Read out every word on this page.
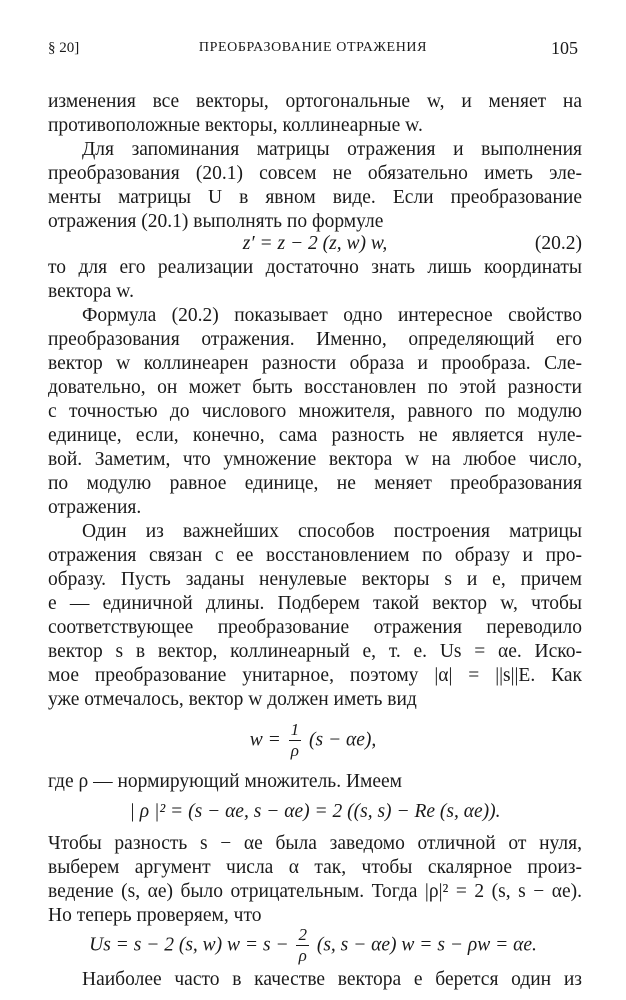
ПРЕОБРАЗОВАНИЕ ОТРАЖЕНИЯ
§ 20]	105
изменения все векторы, ортогональные w, и меняет на
противоположные векторы, коллинеарные w.
Для запоминания матрицы отражения и выполнения
преобразования (20.1) совсем не обязательно иметь эле-
менты матрицы U в явном виде. Если преобразование
отражения (20.1) выполнять по формуле
z′ = z − 2 (z, w) w,	(20.2)
то для его реализации достаточно знать лишь координаты
вектора w.
Формула (20.2) показывает одно интересное свойство
преобразования отражения. Именно, определяющий его
вектор w коллинеарен разности образа и прообраза. Сле-
довательно, он может быть восстановлен по этой разности
с точностью до числового множителя, равного по модулю
единице, если, конечно, сама разность не является нуле-
вой. Заметим, что умножение вектора w на любое число,
по модулю равное единице, не меняет преобразования
отражения.
Один из важнейших способов построения матрицы
отражения связан с ее восстановлением по образу и про-
образу. Пусть заданы ненулевые векторы s и e, причем
e — единичной длины. Подберем такой вектор w, чтобы
соответствующее преобразование отражения переводило
вектор s в вектор, коллинеарный e, т. е. Us = αe. Иско-
мое преобразование унитарное, поэтому |α| = ||s||E. Как
уже отмечалось, вектор w должен иметь вид
$w = \frac{1}{\rho} (s - \alpha e)$,
где ρ — нормирующий множитель. Имеем
| ρ |² = (s − αe, s − αe) = 2 ((s, s) − Re (s, αe)).
Чтобы разность s − αe была заведомо отличной от нуля,
выберем аргумент числа α так, чтобы скалярное произ-
ведение (s, αe) было отрицательным. Тогда |ρ|² = 2 (s, s − αe).
Но теперь проверяем, что
Us = s − 2 (s, w) $w = s - \frac{2}{\rho} (s$, s − αe) w = s − ρw = αe.
Наиболее часто в качестве вектора e берется один из
